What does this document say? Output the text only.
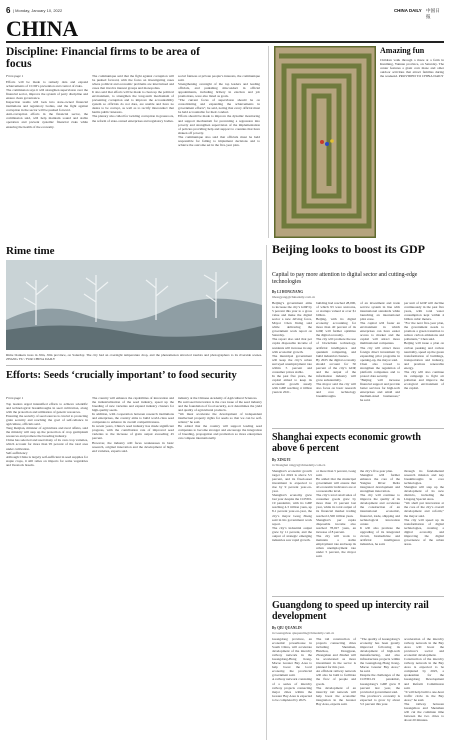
6 | Monday, January 10, 2022	CHINA DAILY 中国日报
CHINA
Discipline: Financial firms to be area of focus
From page 1
Efforts will be made to remedy data and expand achievements of CCDI’s prevention and control of risks.
The commission says it will strengthen supervision over the financial sector, improve the system of party discipline and ensure clean governance.
Inspection teams will look into state-owned financial institutions and regulatory bodies, and the fight against corruption in the sector will be pushed forward.
Anti-corruption efforts in the financial sector, the commission said, will help maintain sound and stable operation and prevent systemic financial risks while ensuring the health of the economy.
The communique said that the fight against corruption will be pushed forward, with the focus on investigating cases where political and economic problems are intertwined and cases that involve interest groups and monopolies.
It also said that efforts will be made to clean up the political environment, to strengthen the long-term mechanism of preventing corruption and to improve the accountability system so officials do not dare, are unable and have no desire to be corrupt, as well as to rectify misconduct that harms public interests.
The plenary also called for tackling corruption in grassroots, the reform of state-owned enterprises and regulatory bodies.
social fairness at private people’s interests, the communique said.
Strengthening oversight of the top leaders and leading officials, and punishing misconduct in official appointments, including bribery in election and job promotions, were also listed as goals.
“The current focus of supervision should be on consolidating and expanding the achievements in government efforts”, he said, noting that every official must be held accountable for their conduct.
Efforts should be made to improve the dynamic monitoring and support mechanism for preventing a regression into poverty and strengthen supervision of the implementation of policies providing help and support to counties that have shaken off poverty.
The communique also said that officials must be held responsible for failing to implement decisions and to achieve the outcome set in the five-year plan.
Amazing fun
Children walk through a maze at a farm in Kunming, Yunnan province, on Saturday. The center features a giant corn maze and other outdoor activities that attract families during the weekend. PROVIDED TO CHINA DAILY
Rime time
Rime blankets trees in Jilin, Jilin province, on Saturday. The city had an overnight temperature drop, and the phenomenon attracted tourists and photographers to its riverside scenes. ZHANG YU / FOR CHINA DAILY
Efforts: Seeds ‘crucially important’ to food security
From page 1
Top leaders urged intensified efforts to achieve scientific and technological breakthroughs in seed cultivation, along with the protection and utilization of genetic resources.
Ensuring the security of seed sources is crucial to protecting grain security and reaching the goal of self-reliance in agriculture, officials said.
Tang Renjian, minister of agriculture and rural affairs, said the ministry will step up the protection of crop germplasm resources and promote the breeding industry.
China has selected and used many of its own crop varieties, which account for more than 95 percent of the total area under cultivation.
Self-sufficiency
Although China is largely self-sufficient in seed supplies for staple crops, it still relies on imports for some vegetables and livestock breeds.
The country will enhance the capabilities of innovation and the industrialization of the seed industry, speed up the breeding of new varieties and expand industry clusters for high-quality seeds.
In addition, with cooperation between research institutions and enterprises, the country aims to build world-class seed companies to enhance its overall competitiveness.
In recent years, China’s seed industry has made significant progress, with the contribution rate of improved seed varieties to the increase of grain output exceeding 45 percent.
However, the industry still faces weaknesses in basic research, original innovation and the development of high-end varieties, experts said.
industry at the Chinese Academy of Agricultural Sciences.
He said seed innovation is the core issue of the seed industry and the foundation of food security, as it determines the yield and quality of agricultural products.
“We must accelerate the development of independent intellectual property rights for seeds so that we can be self-reliant,” he said.
He added that the country will support leading seed companies to become stronger and encourage the integration of breeding, propagation and promotion so more enterprises can compete internationally.
Beijing looks to boost its GDP
Capital to pay more attention to digital sector and cutting-edge technologies
By LI HONGYANG
lihongyang@chinadaily.com.cn
Beijing’s government aims to increase the city’s GDP by 5 percent this year to a gross value and make the digital sector a new driving force, Mayor Chen Jining said while delivering the government work report on Saturday.
The report also said that per capita disposable income of residents will increase in step with economic growth.
The municipal government will keep the city’s urban surveyed unemployment rate within 5 percent and consumer prices stable.
In the past five years, the capital aimed to keep its economic growth steady with GDP reaching 4 trillion yuan in 2021.
building had reached 28,000, of which 93 were unicorns, or startups valued at over $1 billion.
Beijing, with its digital economy accounting for more than 40 percent of its GDP, will further optimize the digital economy.
The city will promote the use of blockchain technology, artificial intelligence and quantum computing, and build industrial clusters.
By 2025 the digital economy should account for 50 percent of the city’s GDP, and the output of the information industry will grow substantially.
The mayor said the city will also focus on basic research and core technology breakthroughs.
of an investment and trade service system in line with international standards while launching an international pilot zone.
The capital will foster an environment in which enterprises can have easier access to market and the capital will attract more multinational companies.
The city will attract more foreign direct investment by expanding pilot programs in opening-up, the mayor said.
Chen also vowed to strengthen the regulation of platform companies and to protect data security.
“Beijing will increase financial support and provide better services for high-tech enterprises and small and medium-sized businesses,” he said.
per unit of GDP will decline continuously in the past five years, with total water consumption kept within 4 billion cubic meters.
“For the next five-year plan, the government needs to promote a green transition to reduce carbon emissions and pollutants,” Chen said.
Beijing will issue a plan on carbon peaking and carbon neutrality, speed up the green transformation of buildings, transportation and industry, and promote renewable energy.
The city will also continue its campaign to fight air pollution and improve the ecological environment of the capital.
Shanghai expects economic growth above 6 percent
By XINGYI
in Shanghai xingyi@chinadaily.com.cn
Shanghai’s economic growth target for 2022 is above 5.5 percent, and its fixed-asset investment is expected to rise by 9 percent year-on-year.
Shanghai’s economy grew last year despite the COVID-19 pandemic, with its GDP reaching 4.3 trillion yuan, up 8.1 percent year-on-year, the city’s mayor Gong Zheng said in his government work report.
The city’s industrial output grew by 11 percent, and the output of strategic emerging industries saw rapid growth.
or more than 5 percent, Gong said.
He added that the municipal government will ensure that all economic indicators are at a reasonable level.
The city’s total retail sales of consumer goods grew by more than 13 percent last year, while its total output of its financial market trading reached 2,500 trillion yuan.
Shanghai’s per capita disposable income also reached 78,027 yuan, an increase of 8 percent.
The city will work to maintain a stable employment rate and keep its urban unemployment rate under 5 percent, the mayor said.
the city’s five-year plan.
Shanghai will further enhance the core of the Yangtze River Delta integrated development and strengthen innovation.
The city will continue to improve the quality of its development and accelerate the construction of an international economic, financial, trade, shipping and technological innovation center.
It will also promote the upgrading of its integrated circuit, biomedicine and artificial intelligence industries, he said.
through its fundamental research mission and key breakthroughs in core technologies.
Shanghai will step up the development of its new districts, including the Lingang Special Area.
“We shall put innovation at the core of the city’s overall development and reform,” the mayor said.
The city will speed up its transformation of digital technologies, creating a digital economy and improving the digital governance of the urban areas.
Guangdong to speed up intercity rail development
By QIU QUANLIN
in Guangzhou qiuquanlin@chinadaily.com.cn
Guangdong province, an economic powerhouse in South China, will accelerate development of the intercity railway network in the Guangdong-Hong Kong-Macao Greater Bay Area to help boost the local economy, the provincial government said.
A railway network consisting of a series of intercity railway projects connecting major cities within the Greater Bay Area is expected to be completed by 2025.
The rail construction of projects connecting cities including Shenzhen, Huizhou, Dongguan, Zhongshan and Zhuhai will be accelerated as more investment in the sector is planned for this year.
An efficient railway network will also be built to facilitate the flow of people and goods.
The development of an intercity rail network will help boost the economic integration in the Greater Bay Area, experts said.
“The quality of Guangdong’s economy has been greatly improved following its development of high-tech manufacturing, and also infrastructure projects within the Guangdong-Hong Kong-Macao Greater Bay Area,” he said.
Despite the challenges of the COVID-19 pandemic, Guangdong’s GDP grew 8 percent last year, the provincial government said.
The province’s economy is expected to grow by about 5.5 percent this year.
acceleration of the intercity railway network in the Bay Area will boost the province’s social and economic development.
Construction of the intercity railway network in the Bay Area is expected to be completed by 2025, a spokesman for the Guangdong Development and Reform Commission said.
“It will help build a one-hour traffic circle in the Bay Area,” he said.
The railway between Guangzhou and Shenzhen will cut the commute time between the two cities to about 20 minutes.
